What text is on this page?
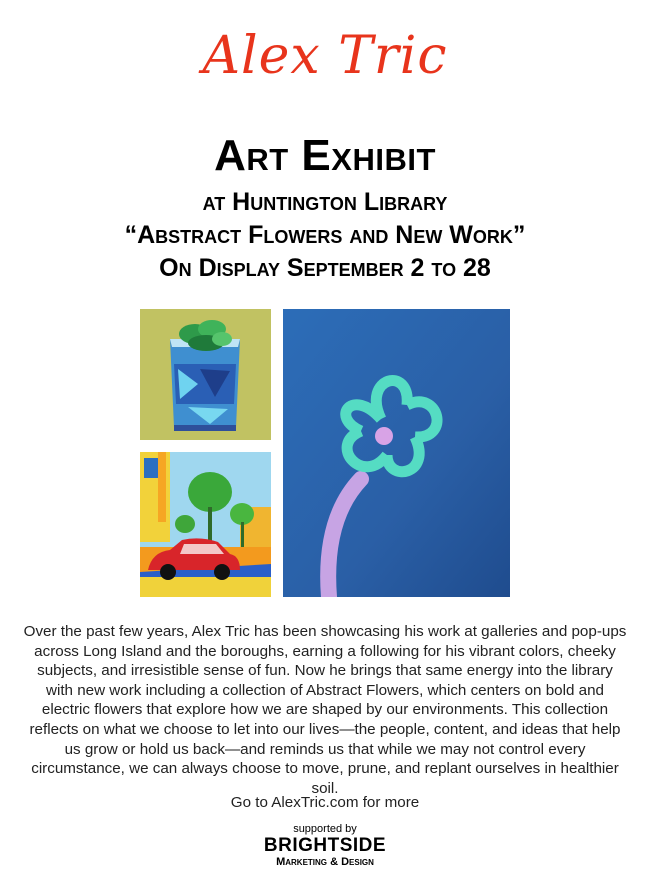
Alex Tric
Art Exhibit
at Huntington Library
“Abstract Flowers and New Work”
On Display September 2 to 28
Over the past few years, Alex Tric has been showcasing his work at galleries and pop-ups across Long Island and the boroughs, earning a following for his vibrant colors, cheeky subjects, and irresistible sense of fun. Now he brings that same energy into the library with new work including a collection of Abstract Flowers, which centers on bold and electric flowers that explore how we are shaped by our environments. This collection reflects on what we choose to let into our lives—the people, content, and ideas that help us grow or hold us back—and reminds us that while we may not control every circumstance, we can always choose to move, prune, and replant ourselves in healthier soil.
Go to AlexTric.com for more
supported by
BRIGHTSIDE
Marketing & Design
